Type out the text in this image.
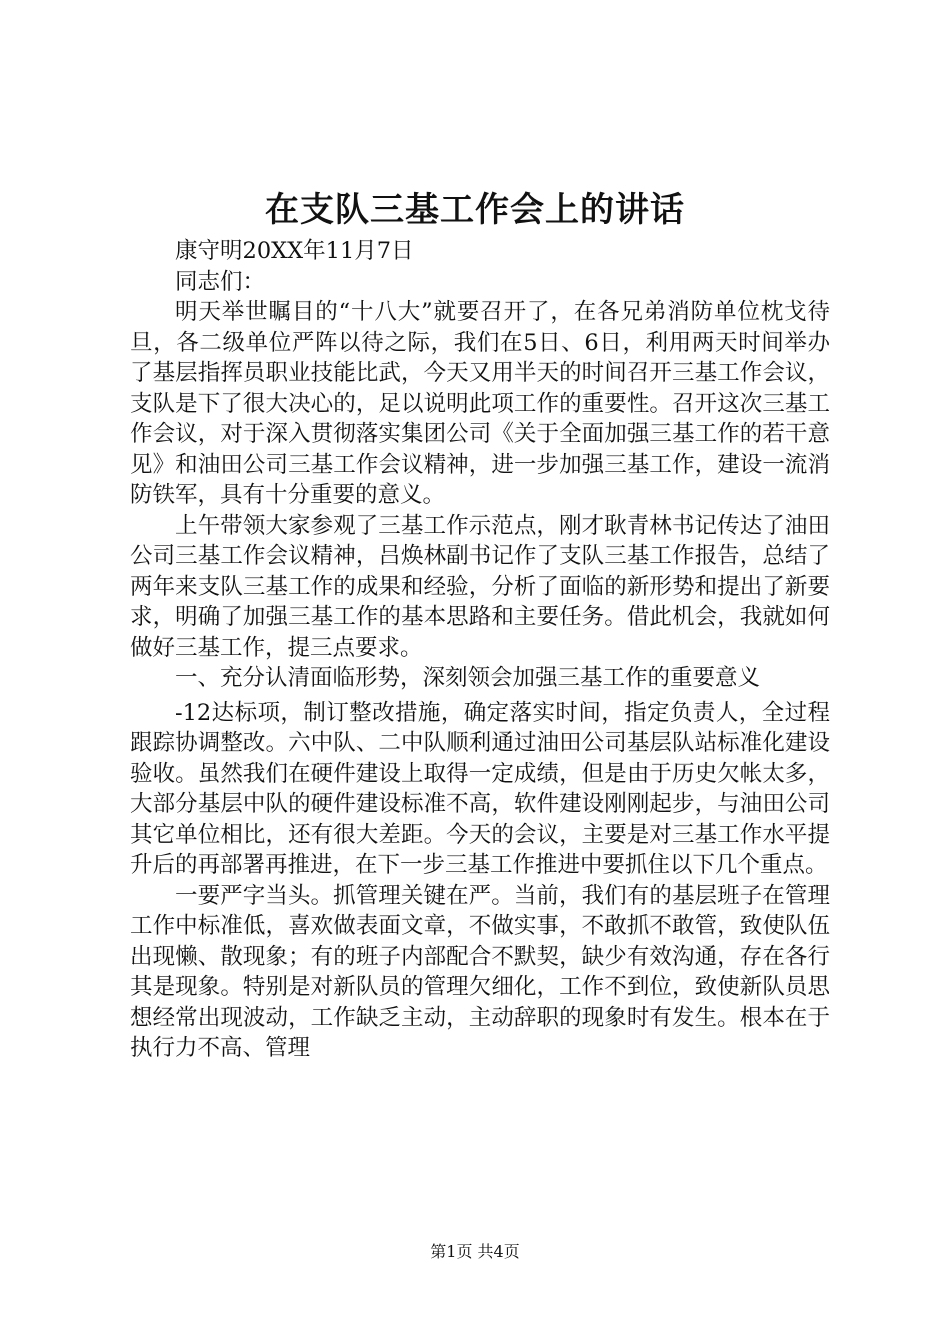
在支队三基工作会上的讲话

康守明20XX年11月7日

同志们：

明天举世瞩目的“十八大”就要召开了，在各兄弟消防单位枕戈待旦，各二级单位严阵以待之际，我们在5日、6日，利用两天时间举办了基层指挥员职业技能比武，今天又用半天的时间召开三基工作会议，支队是下了很大决心的，足以说明此项工作的重要性。召开这次三基工作会议，对于深入贯彻落实集团公司《关于全面加强三基工作的若干意见》和油田公司三基工作会议精神，进一步加强三基工作，建设一流消防铁军，具有十分重要的意义。

上午带领大家参观了三基工作示范点，刚才耿青林书记传达了油田公司三基工作会议精神，吕焕林副书记作了支队三基工作报告，总结了两年来支队三基工作的成果和经验，分析了面临的新形势和提出了新要求，明确了加强三基工作的基本思路和主要任务。借此机会，我就如何做好三基工作，提三点要求。

一、充分认清面临形势，深刻领会加强三基工作的重要意义

-12达标项，制订整改措施，确定落实时间，指定负责人，全过程跟踪协调整改。六中队、二中队顺利通过油田公司基层队站标准化建设验收。虽然我们在硬件建设上取得一定成绩，但是由于历史欠帐太多，大部分基层中队的硬件建设标准不高，软件建设刚刚起步，与油田公司其它单位相比，还有很大差距。今天的会议，主要是对三基工作水平提升后的再部署再推进，在下一步三基工作推进中要抓住以下几个重点。

一要严字当头。抓管理关键在严。当前，我们有的基层班子在管理工作中标准低，喜欢做表面文章，不做实事，不敢抓不敢管，致使队伍出现懒、散现象；有的班子内部配合不默契，缺少有效沟通，存在各行其是现象。特别是对新队员的管理欠细化，工作不到位，致使新队员思想经常出现波动，工作缺乏主动，主动辞职的现象时有发生。根本在于执行力不高、管理

第1页 共4页
